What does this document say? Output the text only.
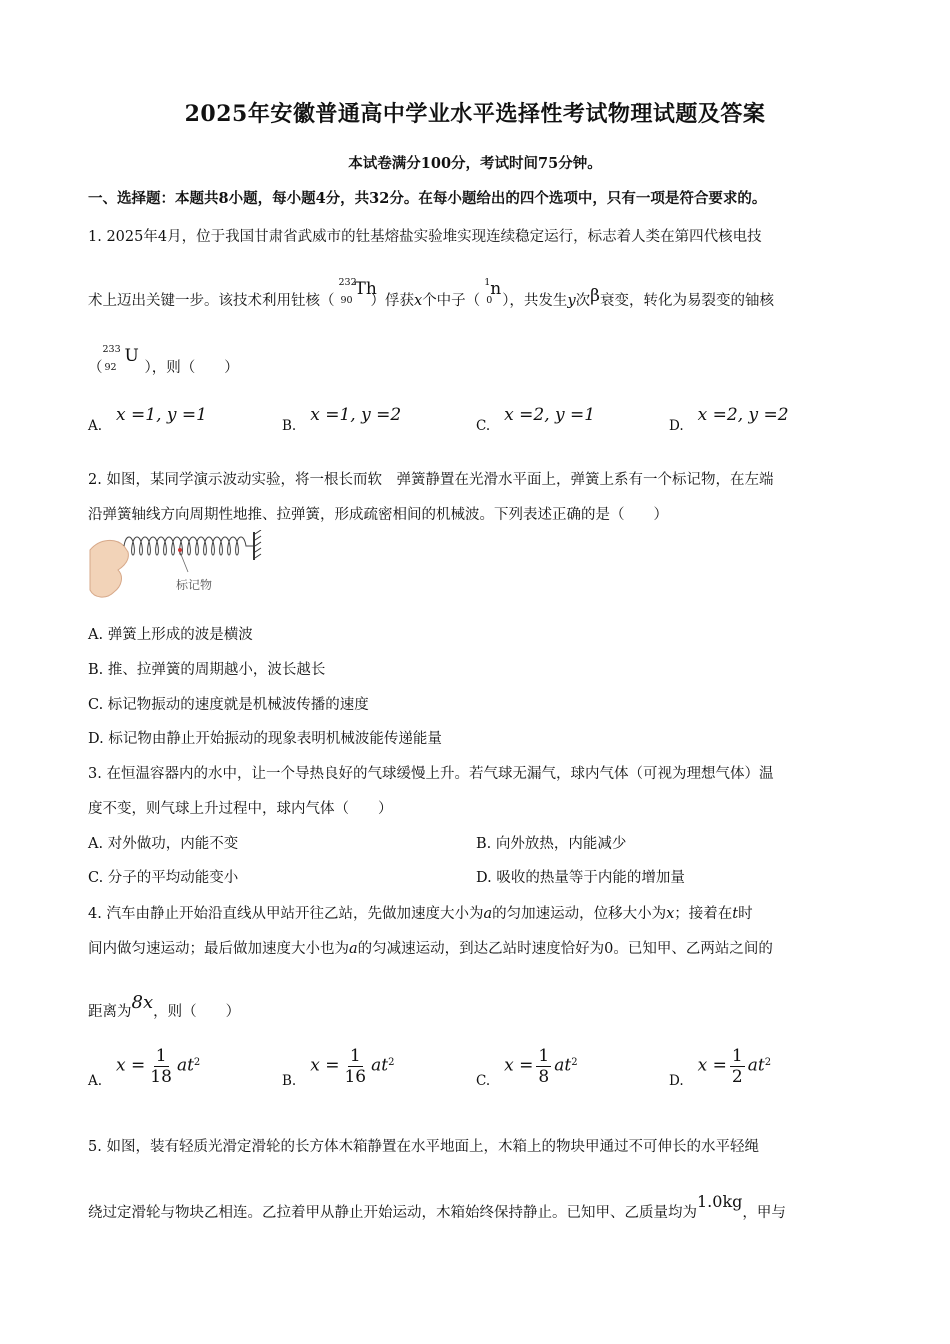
2025年安徽普通高中学业水平选择性考试物理试题及答案
本试卷满分100分，考试时间75分钟。
一、选择题：本题共8小题，每小题4分，共32分。在每小题给出的四个选项中，只有一项是符合要求的。
1. 2025年4月，位于我国甘肃省武威市的钍基熔盐实验堆实现连续稳定运行，标志着人类在第四代核电技
术上迈出关键一步。该技术利用钍核（
232
90
Th
）俘获x个中子（
1
0
n
），共发生y次β衰变，转化为易裂变的铀核
（
233
92
U
），则（　　）
A.x =1, y =1
B.x =1, y =2
C.x =2, y =1
D.x =2, y =2
2. 如图，某同学演示波动实验，将一根长而软　弹簧静置在光滑水平面上，弹簧上系有一个标记物，在左端
沿弹簧轴线方向周期性地推、拉弹簧，形成疏密相间的机械波。下列表述正确的是（　　）
标记物
A. 弹簧上形成的波是横波
B. 推、拉弹簧的周期越小，波长越长
C. 标记物振动的速度就是机械波传播的速度
D. 标记物由静止开始振动的现象表明机械波能传递能量
3. 在恒温容器内的水中，让一个导热良好的气球缓慢上升。若气球无漏气，球内气体（可视为理想气体）温
度不变，则气球上升过程中，球内气体（　　）
A. 对外做功，内能不变	B. 向外放热，内能减少
C. 分子的平均动能变小	D. 吸收的热量等于内能的增加量
4. 汽车由静止开始沿直线从甲站开往乙站，先做加速度大小为a的匀加速运动，位移大小为x；接着在t时
间内做匀速运动；最后做加速度大小也为a的匀减速运动，到达乙站时速度恰好为0。已知甲、乙两站之间的
距离为8x，则（　　）
$A.x = \frac{1}{18} at^2$
$B.x = \frac{1}{16} at^2$
$C.x = \frac{1}{8} at^2$
$D.x = \frac{1}{2} at^2$
5. 如图，装有轻质光滑定滑轮的长方体木箱静置在水平地面上，木箱上的物块甲通过不可伸长的水平轻绳
绕过定滑轮与物块乙相连。乙拉着甲从静止开始运动，木箱始终保持静止。已知甲、乙质量均为1.0kg，甲与
